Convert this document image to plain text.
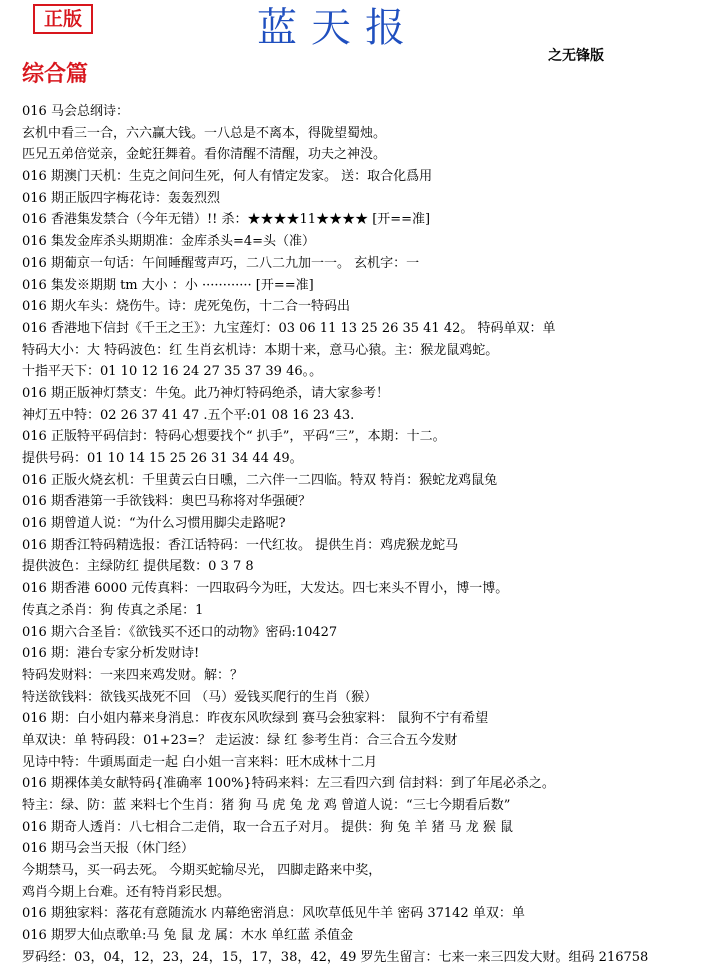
正版	蓝天报
之无锋版
综合篇
016 马会总纲诗：
玄机中看三一合，六六赢大钱。一八总是不离本，得陇望蜀烛。
匹兄五弟倍觉亲，金蛇狂舞着。看你清醒不清醒，功夫之神没。
016 期澳门天机：生克之间问生死，何人有情定发家。 送：取合化爲用
016 期正版四字梅花诗：轰轰烈烈
016 香港集发禁合（今年无错）!! 杀：★★★★11★★★★ [开==准]
016 集发金库杀头期期准：金库杀头=4=头（准）
016 期葡京一句话：午间睡醒莺声巧，二八二九加一一。 玄机字：一
016 集发※期期 tm 大小 ：小 ············ [开==准]
016 期火车头：烧伤牛。诗：虎死兔伤，十二合一特码出
016 香港地下信封《千王之王》：九宝莲灯：03 06 11 13 25 26 35 41 42。 特码单双：单
特码大小：大 特码波色：红 生肖玄机诗：本期十来，意马心猿。主：猴龙鼠鸡蛇。
十指平天下：01 10 12 16 24 27 35 37 39 46。。
016 期正版神灯禁支：牛兔。此乃神灯特码绝杀，请大家参考！
神灯五中特：02 26 37 41 47 .五个平:01 08 16 23 43.
016 正版特平码信封：特码心想要找个“ 扒手”，平码“三”，本期：十二。
提供号码：01 10 14 15 25 26 31 34 44 49。
016 正版火烧玄机：千里黄云白日曛，二六伴一二四临。特双 特肖：猴蛇龙鸡鼠兔
016 期香港第一手欲钱料：奥巴马称将对华强硬？
016 期曾道人说：“为什么习惯用脚尖走路呢?
016 期香江特码精选报：香江话特码：一代红妆。 提供生肖：鸡虎猴龙蛇马
提供波色：主绿防红 提供尾数：0 3 7 8
016 期香港 6000 元传真料：一四取码今为旺，大发达。四七来头不胃小，博一博。
传真之杀肖：狗 传真之杀尾：1
016 期六合圣旨：《欲钱买不还口的动物》密码:10427
016 期：港台专家分析发财诗!
特码发财料：一来四来鸡发财。解：？
特送欲钱料：欲钱买战死不回 （马）爱钱买爬行的生肖（猴）
016 期：白小姐内幕来身消息：昨夜东风吹绿到 赛马会独家料： 鼠狗不宁有希望
单双诀：单 特码段：01+23=？ 走运波：绿 红 参考生肖：合三合五今发财
见诗中特：牛頭馬面走一起 白小姐一言来料：旺木成林十二月
016 期裸体美女献特码{准确率 100%}特码来料：左三看四六到 信封料：到了年尾必杀之。
特主：绿、防：蓝 来料七个生肖：猪 狗 马 虎 兔 龙 鸡 曾道人说：“三七今期看后数”
016 期奇人透肖：八七相合二走俏，取一合五子对月。 提供：狗 兔 羊 猪 马 龙 猴 鼠
016 期马会当天报（休门经）
今期禁马，买一码去死。 今期买蛇输尽光， 四脚走路来中奖，
鸡肖今期上台难。还有特肖彩民想。
016 期独家料：落花有意随流水 内幕绝密消息：风吹草低见牛羊 密码 37142 单双：单
016 期罗大仙点歌单:马 兔 鼠 龙 属：木水 单红蓝 杀值金
罗码经：03，04，12，23，24，15，17，38，42，49 罗先生留言：七来一来三四发大财。组码 216758
